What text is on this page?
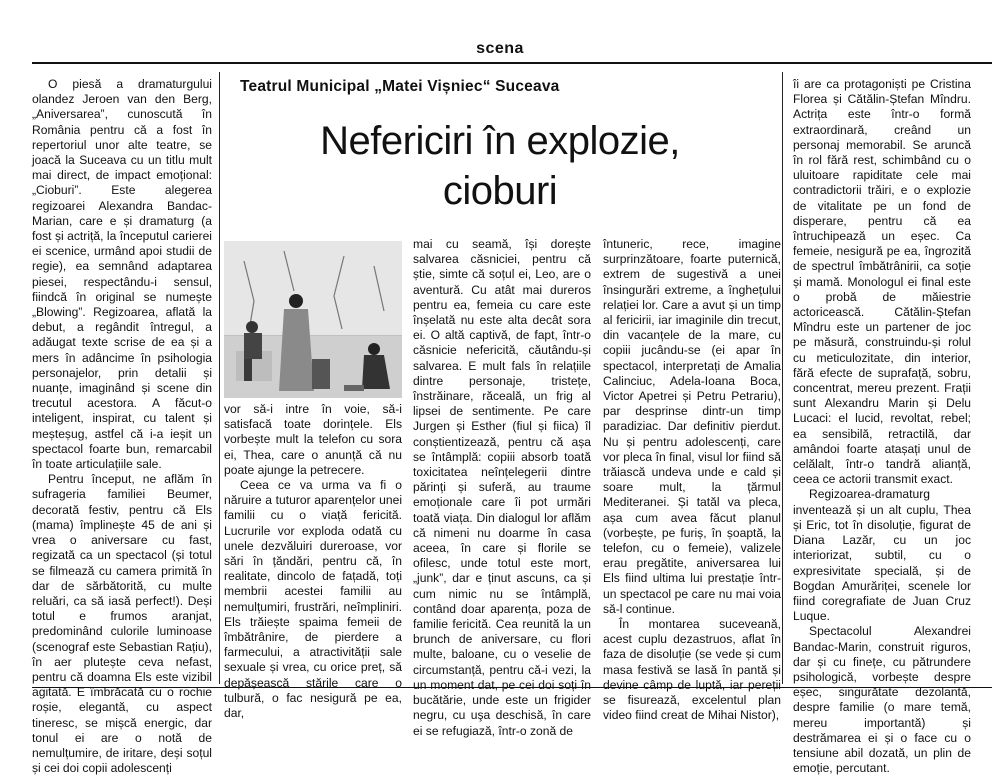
scena

O piesă a dramaturgului olandez Jeroen van den Berg, „Aniversarea”, cunoscută în România pentru că a fost în repertoriul unor alte teatre, se joacă la Suceava cu un titlu mult mai direct, de impact emoțional: „Cioburi”. Este alegerea regizoarei Alexandra Bandac-Marian, care e și dramaturg (a fost și actriță, la începutul carierei ei scenice, urmând apoi studii de regie), ea semnând adaptarea piesei, respectându-i sensul, fiindcă în original se numește „Blowing”. Regizoarea, aflată la debut, a regândit întregul, a adăugat texte scrise de ea și a mers în adâncime în psihologia personajelor, prin detalii și nuanțe, imaginând și scene din trecutul acestora. A făcut-o inteligent, inspirat, cu talent și meșteșug, astfel că i-a ieșit un spectacol foarte bun, remarcabil în toate articulațiile sale.

Pentru început, ne aflăm în sufrageria familiei Beumer, decorată festiv, pentru că Els (mama) împlinește 45 de ani și vrea o aniversare cu fast, regizată ca un spectacol (și totul se filmează cu camera primită în dar de sărbătorită, cu multe reluări, ca să iasă perfect!). Deși totul e frumos aranjat, predominând culorile luminoase (scenograf este Sebastian Rațiu), în aer plutește ceva nefast, pentru că doamna Els este vizibil agitată. E îmbrăcată cu o rochie roșie, elegantă, cu aspect tineresc, se mișcă energic, dar tonul ei are o notă de nemulțumire, de iritare, deși soțul și cei doi copii adolescenți

Teatrul Municipal „Matei Vișniec“ Suceava
Nefericiri în explozie,
cioburi

vor să-i intre în voie, să-i satisfacă toate dorințele. Els vorbește mult la telefon cu sora ei, Thea, care o anunță că nu poate ajunge la petrecere.

Ceea ce va urma va fi o năruire a tuturor aparențelor unei familii cu o viață fericită. Lucrurile vor exploda odată cu unele dezvăluiri dureroase, vor sări în țăndări, pentru că, în realitate, dincolo de fațadă, toți membrii acestei familii au nemulțumiri, frustrări, neîmpliniri. Els trăiește spaima femeii de îmbătrânire, de pierdere a farmecului, a atractivității sale sexuale și vrea, cu orice preț, să depășească stările care o tulbură, o fac nesigură pe ea, dar,

mai cu seamă, își dorește salvarea căsniciei, pentru că știe, simte că soțul ei, Leo, are o aventură. Cu atât mai dureros pentru ea, femeia cu care este înșelată nu este alta decât sora ei. O altă captivă, de fapt, într-o căsnicie nefericită, căutându-și salvarea. E mult fals în relațiile dintre personaje, tristețe, înstrăinare, răceală, un frig al lipsei de sentimente. Pe care Jurgen și Esther (fiul și fiica) îl conștientizează, pentru că așa se întâmplă: copiii absorb toată toxicitatea neînțelegerii dintre părinți și suferă, au traume emoționale care îi pot urmări toată viața. Din dialogul lor aflăm că nimeni nu doarme în casa aceea, în care și florile se ofilesc, unde totul este mort, „junk”, dar e ținut ascuns, ca și cum nimic nu se întâmplă, contând doar aparența, poza de familie fericită. Cea reunită la un brunch de aniversare, cu flori multe, baloane, cu o veselie de circumstanță, pentru că-i vezi, la un moment dat, pe cei doi soți în bucătărie, unde este un frigider negru, cu uşa deschisă, în care ei se refugiază, într-o zonă de

întuneric, rece, imagine surprinzătoare, foarte puternică, extrem de sugestivă a unei însingurări extreme, a înghețului relației lor. Care a avut și un timp al fericirii, iar imaginile din trecut, din vacanțele de la mare, cu copiii jucându-se (ei apar în spectacol, interpretați de Amalia Calinciuc, Adela-Ioana Boca, Victor Apetrei și Petru Petrariu), par desprinse dintr-un timp paradiziac. Dar definitiv pierdut. Nu și pentru adolescenți, care vor pleca în final, visul lor fiind să trăiască undeva unde e cald și soare mult, la țărmul Mediteranei. Și tatăl va pleca, așa cum avea făcut planul (vorbește, pe furiș, în șoaptă, la telefon, cu o femeie), valizele erau pregătite, aniversarea lui Els fiind ultima lui prestație într-un spectacol pe care nu mai voia să-l continue.

În montarea suceveană, acest cuplu dezastruos, aflat în faza de disoluție (se vede și cum masa festivă se lasă în pantă și devine câmp de luptă, iar pereții se fisurează, excelentul plan video fiind creat de Mihai Nistor),

îi are ca protagoniști pe Cristina Florea și Cătălin-Ștefan Mîndru. Actrița este într-o formă extraordinară, creând un personaj memorabil. Se aruncă în rol fără rest, schimbând cu o uluitoare rapiditate cele mai contradictorii trăiri, e o explozie de vitalitate pe un fond de disperare, pentru că ea întruchipează un eșec. Ca femeie, nesigură pe ea, îngrozită de spectrul îmbătrânirii, ca soție și mamă. Monologul ei final este o probă de măiestrie actoricească. Cătălin-Ștefan Mîndru este un partener de joc pe măsură, construindu-și rolul cu meticulozitate, din interior, fără efecte de suprafață, sobru, concentrat, mereu prezent. Frații sunt Alexandru Marin și Delu Lucaci: el lucid, revoltat, rebel; ea sensibilă, retractilă, dar amândoi foarte atașați unul de celălalt, într-o tandră alianță, ceea ce actorii transmit exact.

Regizoarea-dramaturg inventează și un alt cuplu, Thea și Eric, tot în disoluție, figurat de Diana Lazăr, cu un joc interiorizat, subtil, cu o expresivitate specială, și de Bogdan Amurăriței, scenele lor fiind coregrafiate de Juan Cruz Luque.

Spectacolul Alexandrei Bandac-Marin, construit riguros, dar și cu finețe, cu pătrundere psihologică, vorbește despre eșec, singurătate dezolantă, despre familie (o mare temă, mereu importantă) și destrămarea ei și o face cu o tensiune abil dozată, un plin de emoție, percutant.
